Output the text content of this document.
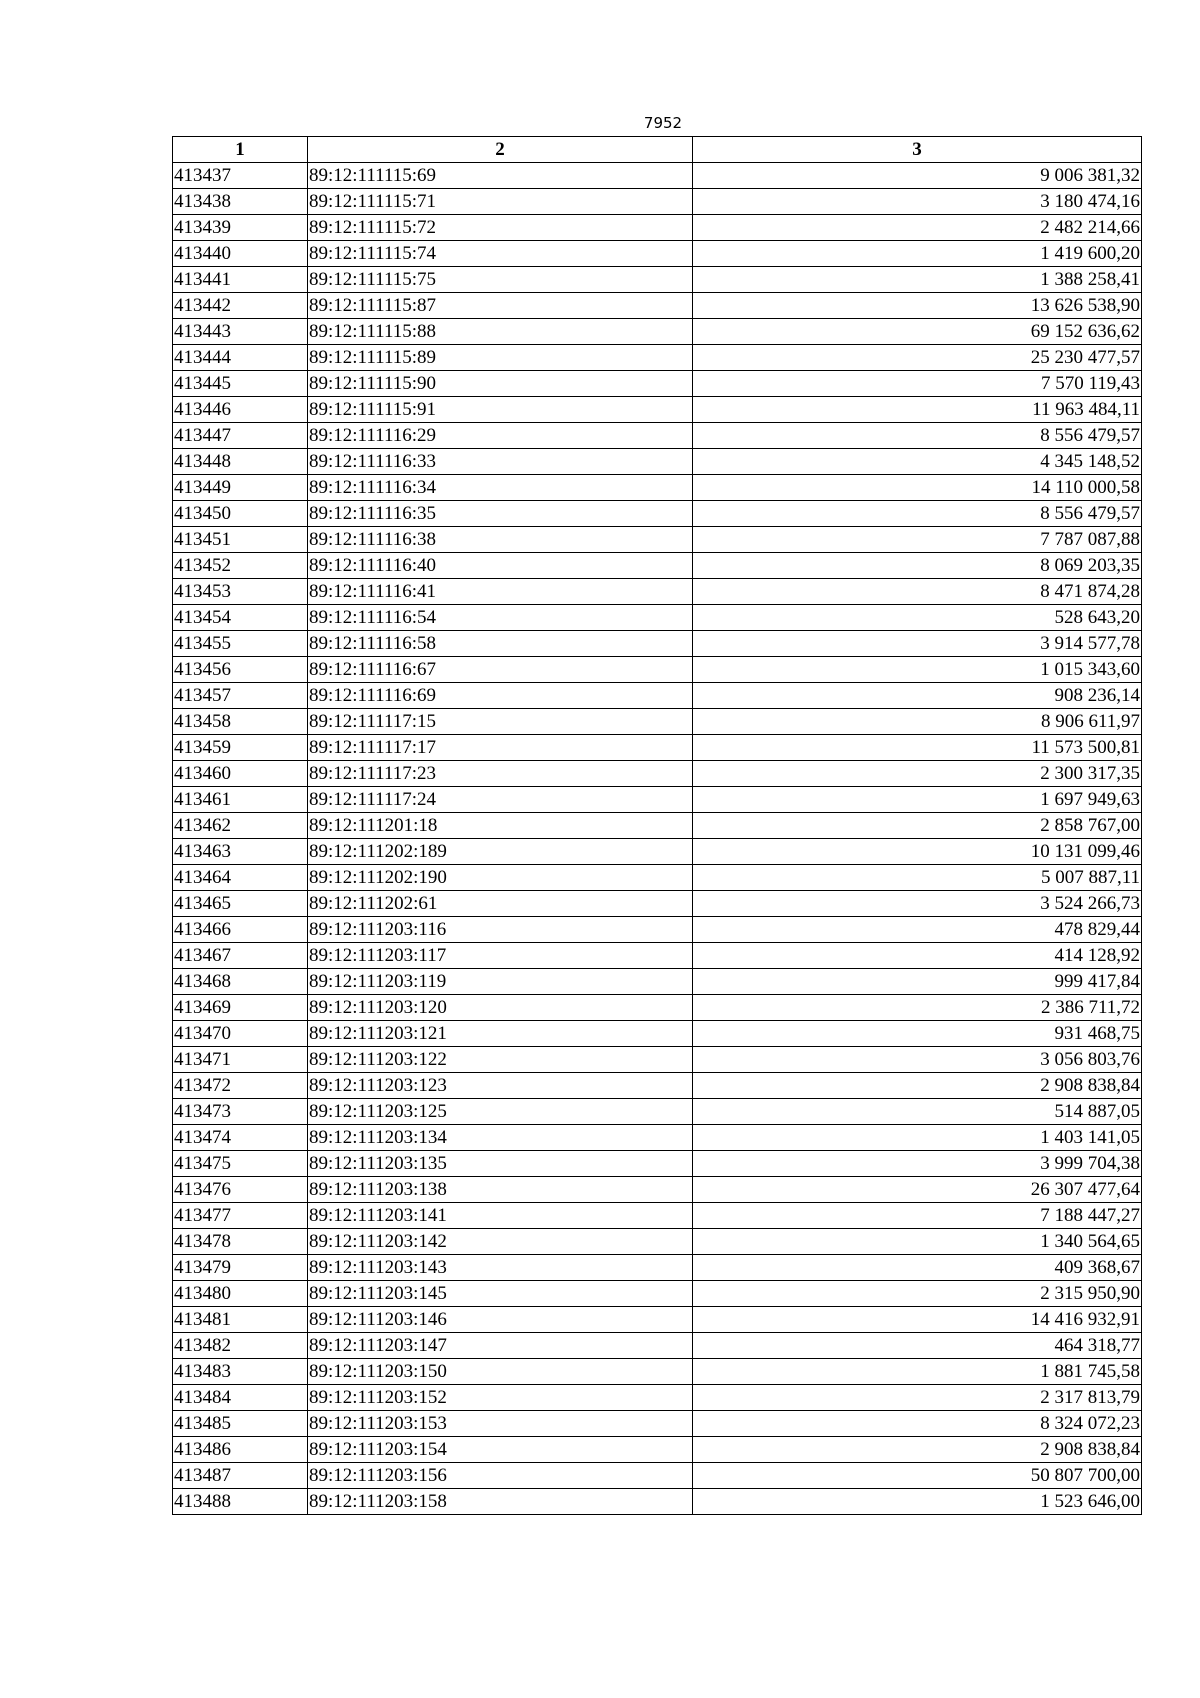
7952
1	2	3
413437	89:12:111115:69	9 006 381,32
413438	89:12:111115:71	3 180 474,16
413439	89:12:111115:72	2 482 214,66
413440	89:12:111115:74	1 419 600,20
413441	89:12:111115:75	1 388 258,41
413442	89:12:111115:87	13 626 538,90
413443	89:12:111115:88	69 152 636,62
413444	89:12:111115:89	25 230 477,57
413445	89:12:111115:90	7 570 119,43
413446	89:12:111115:91	11 963 484,11
413447	89:12:111116:29	8 556 479,57
413448	89:12:111116:33	4 345 148,52
413449	89:12:111116:34	14 110 000,58
413450	89:12:111116:35	8 556 479,57
413451	89:12:111116:38	7 787 087,88
413452	89:12:111116:40	8 069 203,35
413453	89:12:111116:41	8 471 874,28
413454	89:12:111116:54	528 643,20
413455	89:12:111116:58	3 914 577,78
413456	89:12:111116:67	1 015 343,60
413457	89:12:111116:69	908 236,14
413458	89:12:111117:15	8 906 611,97
413459	89:12:111117:17	11 573 500,81
413460	89:12:111117:23	2 300 317,35
413461	89:12:111117:24	1 697 949,63
413462	89:12:111201:18	2 858 767,00
413463	89:12:111202:189	10 131 099,46
413464	89:12:111202:190	5 007 887,11
413465	89:12:111202:61	3 524 266,73
413466	89:12:111203:116	478 829,44
413467	89:12:111203:117	414 128,92
413468	89:12:111203:119	999 417,84
413469	89:12:111203:120	2 386 711,72
413470	89:12:111203:121	931 468,75
413471	89:12:111203:122	3 056 803,76
413472	89:12:111203:123	2 908 838,84
413473	89:12:111203:125	514 887,05
413474	89:12:111203:134	1 403 141,05
413475	89:12:111203:135	3 999 704,38
413476	89:12:111203:138	26 307 477,64
413477	89:12:111203:141	7 188 447,27
413478	89:12:111203:142	1 340 564,65
413479	89:12:111203:143	409 368,67
413480	89:12:111203:145	2 315 950,90
413481	89:12:111203:146	14 416 932,91
413482	89:12:111203:147	464 318,77
413483	89:12:111203:150	1 881 745,58
413484	89:12:111203:152	2 317 813,79
413485	89:12:111203:153	8 324 072,23
413486	89:12:111203:154	2 908 838,84
413487	89:12:111203:156	50 807 700,00
413488	89:12:111203:158	1 523 646,00
